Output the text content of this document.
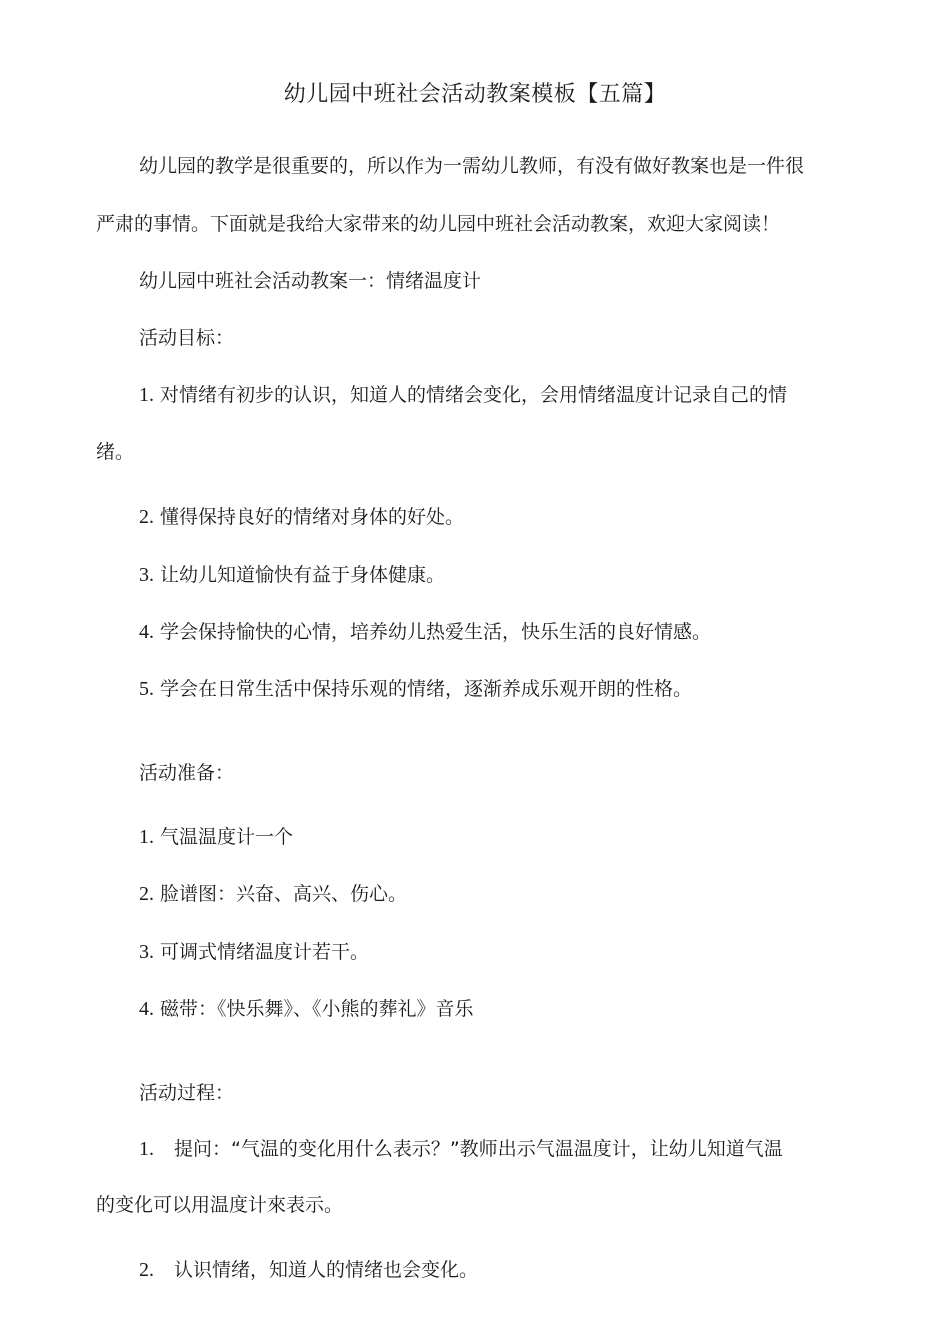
幼儿园中班社会活动教案模板【五篇】
幼儿园的教学是很重要的，所以作为一需幼儿教师，有没有做好教案也是一件很
严肃的事情。下面就是我给大家带来的幼儿园中班社会活动教案，欢迎大家阅读！
幼儿园中班社会活动教案一：情绪温度计
活动目标：
1. 对情绪有初步的认识，知道人的情绪会变化，会用情绪温度计记录自己的情
绪。
2. 懂得保持良好的情绪对身体的好处。
3. 让幼儿知道愉快有益于身体健康。
4. 学会保持愉快的心情，培养幼儿热爱生活，快乐生活的良好情感。
5. 学会在日常生活中保持乐观的情绪，逐渐养成乐观开朗的性格。
活动准备：
1. 气温温度计一个
2. 脸谱图：兴奋、高兴、伤心。
3. 可调式情绪温度计若干。
4. 磁带：《快乐舞》、《小熊的葬礼》音乐
活动过程：
1. 提问：“气温的变化用什么表示？”教师出示气温温度计，让幼儿知道气温
的变化可以用温度计來表示。
2. 认识情绪，知道人的情绪也会变化。
